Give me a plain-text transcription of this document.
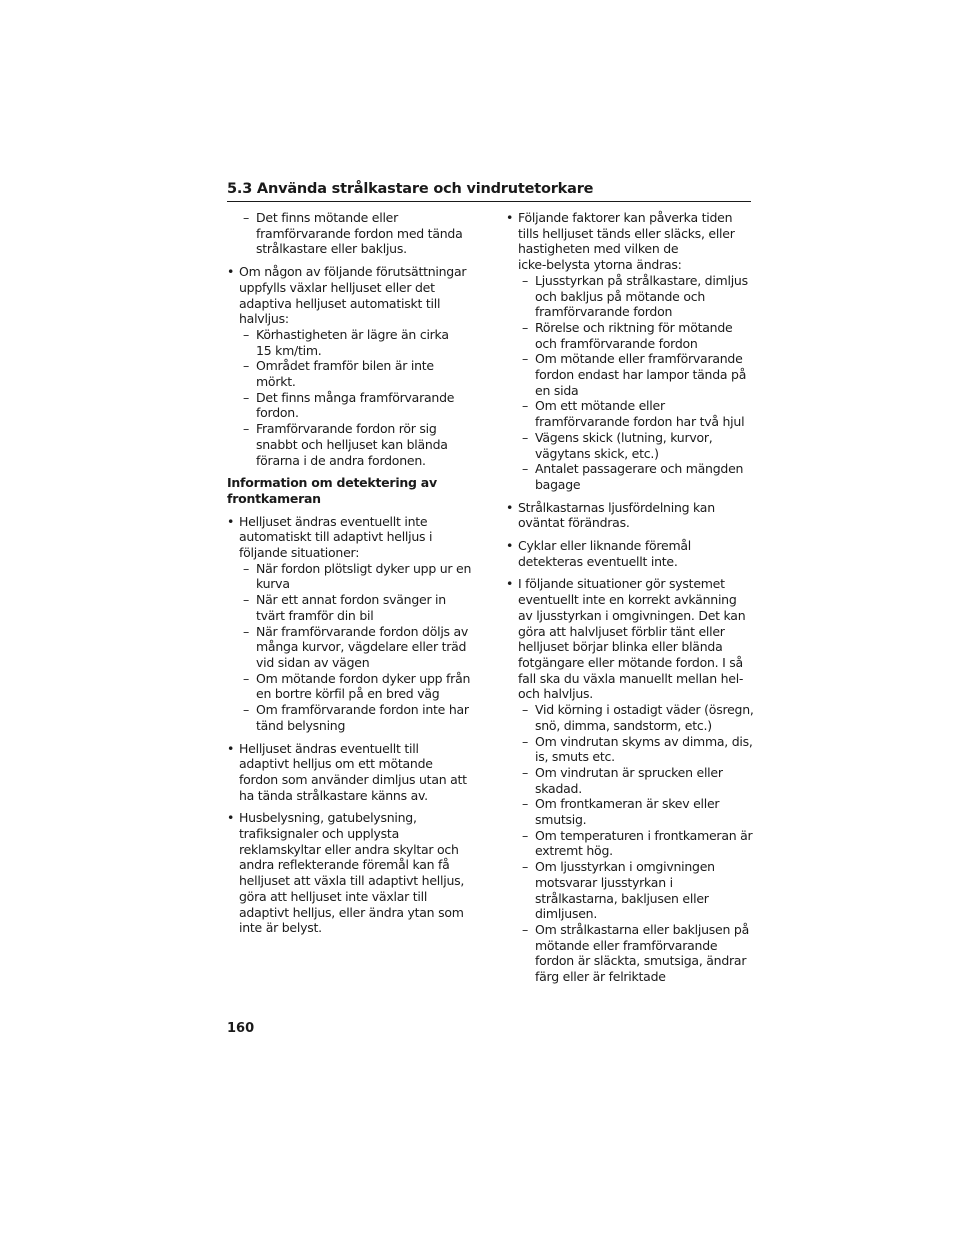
5.3 Använda strålkastare och vindrutetorkare
– Det finns mötande eller
framförvarande fordon med tända
strålkastare eller bakljus.
• Om någon av följande förutsättningar
uppfylls växlar helljuset eller det
adaptiva helljuset automatiskt till
halvljus:
– Körhastigheten är lägre än cirka
15 km/tim.
– Området framför bilen är inte
mörkt.
– Det finns många framförvarande
fordon.
– Framförvarande fordon rör sig
snabbt och helljuset kan blända
förarna i de andra fordonen.
Information om detektering av
frontkameran
• Helljuset ändras eventuellt inte
automatiskt till adaptivt helljus i
följande situationer:
– När fordon plötsligt dyker upp ur en
kurva
– När ett annat fordon svänger in
tvärt framför din bil
– När framförvarande fordon döljs av
många kurvor, vägdelare eller träd
vid sidan av vägen
– Om mötande fordon dyker upp från
en bortre körfil på en bred väg
– Om framförvarande fordon inte har
tänd belysning
• Helljuset ändras eventuellt till
adaptivt helljus om ett mötande
fordon som använder dimljus utan att
ha tända strålkastare känns av.
• Husbelysning, gatubelysning,
trafiksignaler och upplysta
reklamskyltar eller andra skyltar och
andra reflekterande föremål kan få
helljuset att växla till adaptivt helljus,
göra att helljuset inte växlar till
adaptivt helljus, eller ändra ytan som
inte är belyst.
• Följande faktorer kan påverka tiden
tills helljuset tänds eller släcks, eller
hastigheten med vilken de
icke-belysta ytorna ändras:
– Ljusstyrkan på strålkastare, dimljus
och bakljus på mötande och
framförvarande fordon
– Rörelse och riktning för mötande
och framförvarande fordon
– Om mötande eller framförvarande
fordon endast har lampor tända på
en sida
– Om ett mötande eller
framförvarande fordon har två hjul
– Vägens skick (lutning, kurvor,
vägytans skick, etc.)
– Antalet passagerare och mängden
bagage
• Strålkastarnas ljusfördelning kan
oväntat förändras.
• Cyklar eller liknande föremål
detekteras eventuellt inte.
• I följande situationer gör systemet
eventuellt inte en korrekt avkänning
av ljusstyrkan i omgivningen. Det kan
göra att halvljuset förblir tänt eller
helljuset börjar blinka eller blända
fotgängare eller mötande fordon. I så
fall ska du växla manuellt mellan hel-
och halvljus.
– Vid körning i ostadigt väder (ösregn,
snö, dimma, sandstorm, etc.)
– Om vindrutan skyms av dimma, dis,
is, smuts etc.
– Om vindrutan är sprucken eller
skadad.
– Om frontkameran är skev eller
smutsig.
– Om temperaturen i frontkameran är
extremt hög.
– Om ljusstyrkan i omgivningen
motsvarar ljusstyrkan i
strålkastarna, bakljusen eller
dimljusen.
– Om strålkastarna eller bakljusen på
mötande eller framförvarande
fordon är släckta, smutsiga, ändrar
färg eller är felriktade
160
